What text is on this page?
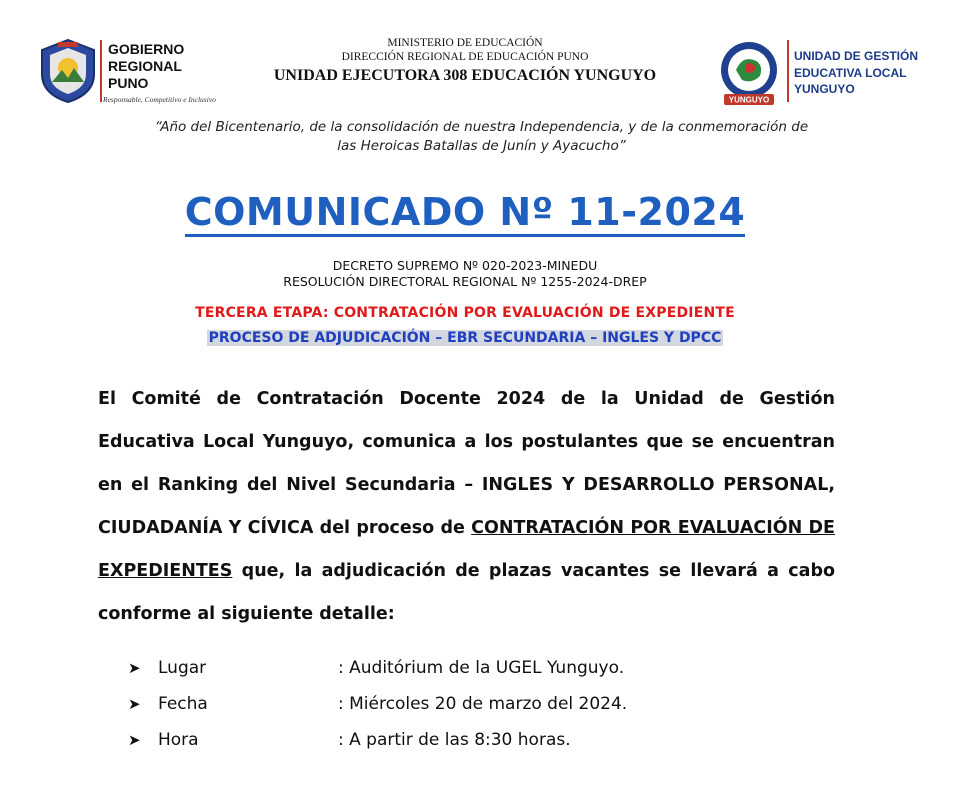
GOBIERNO
REGIONAL
PUNO
Responsable, Competitivo e Inclusivo
MINISTERIO DE EDUCACIÓN
DIRECCIÓN REGIONAL DE EDUCACIÓN PUNO
UNIDAD EJECUTORA 308 EDUCACIÓN YUNGUYO
YUNGUYO
UNIDAD DE GESTIÓN
EDUCATIVA LOCAL
YUNGUYO
“Año del Bicentenario, de la consolidación de nuestra Independencia, y de la conmemoración de
las Heroicas Batallas de Junín y Ayacucho”
COMUNICADO Nº 11-2024
DECRETO SUPREMO Nº 020-2023-MINEDU
RESOLUCIÓN DIRECTORAL REGIONAL Nº 1255-2024-DREP
TERCERA ETAPA: CONTRATACIÓN POR EVALUACIÓN DE EXPEDIENTE
PROCESO DE ADJUDICACIÓN – EBR SECUNDARIA – INGLES Y DPCC
El Comité de Contratación Docente 2024 de la Unidad de Gestión Educativa Local Yunguyo, comunica a los postulantes que se encuentran en el Ranking del Nivel Secundaria – INGLES Y DESARROLLO PERSONAL, CIUDADANÍA Y CÍVICA del proceso de CONTRATACIÓN POR EVALUACIÓN DE EXPEDIENTES que, la adjudicación de plazas vacantes se llevará a cabo conforme al siguiente detalle:
➤	Lugar	: Auditórium de la UGEL Yunguyo.
➤	Fecha	: Miércoles 20 de marzo del 2024.
➤	Hora	: A partir de las 8:30 horas.
